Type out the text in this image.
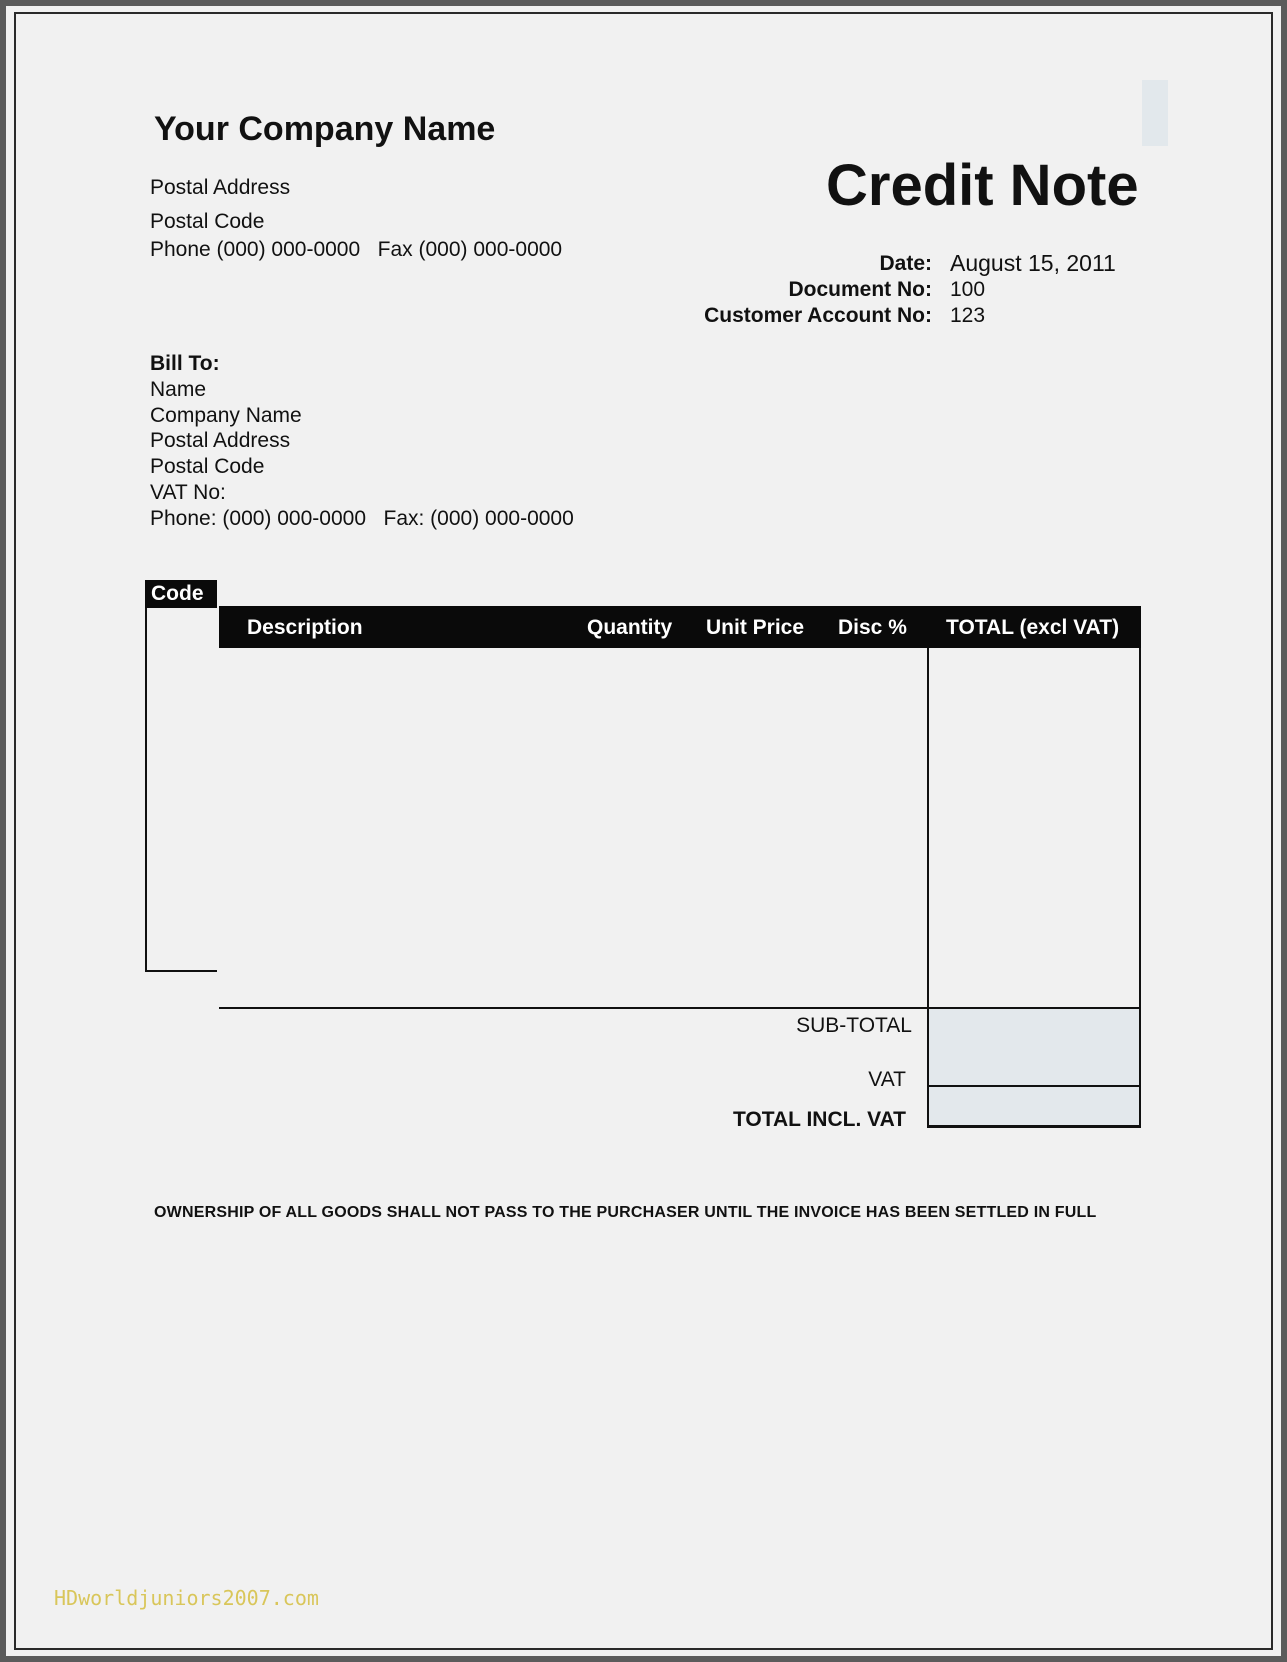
Your Company Name
Postal Address
Postal Code
Phone (000) 000-0000   Fax (000) 000-0000
Credit Note
Date: August 15, 2011
Document No: 100
Customer Account No: 123
Bill To:
Name
Company Name
Postal Address
Postal Code
VAT No:
Phone: (000) 000-0000   Fax: (000) 000-0000
Code
Description	Quantity Unit Price Disc % TOTAL (excl VAT)
SUB-TOTAL
VAT
TOTAL INCL. VAT
OWNERSHIP OF ALL GOODS SHALL NOT PASS TO THE PURCHASER UNTIL THE INVOICE HAS BEEN SETTLED IN FULL
HDworldjuniors2007.com
